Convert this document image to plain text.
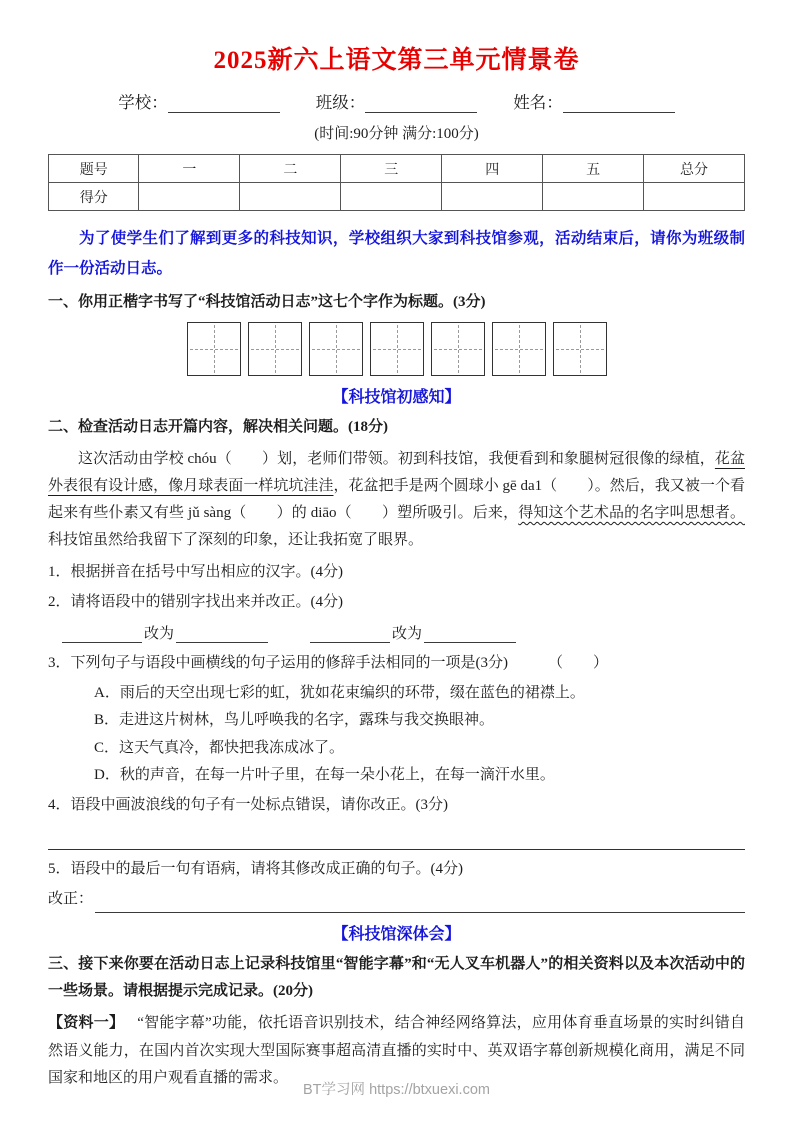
2025新六上语文第三单元情景卷
学校：	班级：	姓名：
(时间:90分钟 满分:100分)
题号	一	二	三	四	五	总分
得分						

为了使学生们了解到更多的科技知识，学校组织大家到科技馆参观，活动结束后，请你为班级制作一份活动日志。

一、你用正楷字书写了“科技馆活动日志”这七个字作为标题。(3分)

【科技馆初感知】

二、检查活动日志开篇内容，解决相关问题。(18分)

这次活动由学校 chóu（　　）划，老师们带领。初到科技馆，我便看到和象腿树冠很像的绿植，花盆外表很有设计感，像月球表面一样坑坑洼洼，花盆把手是两个圆球小 gē da1（　　）。然后，我又被一个看起来有些仆素又有些 jǔ sàng（　　）的 diāo（　　）塑所吸引。后来，得知这个艺术品的名字叫思想者。科技馆虽然给我留下了深刻的印象，还让我拓宽了眼界。

1．根据拼音在括号中写出相应的汉字。(4分)

2．请将语段中的错别字找出来并改正。(4分)

改为	改为

3．下列句子与语段中画横线的句子运用的修辞手法相同的一项是(3分)	（　　）

A．雨后的天空出现七彩的虹，犹如花束编织的环带，缀在蓝色的裙襟上。

B．走进这片树林，鸟儿呼唤我的名字，露珠与我交换眼神。

C．这天气真冷，都快把我冻成冰了。

D．秋的声音，在每一片叶子里，在每一朵小花上，在每一滴汗水里。

4．语段中画波浪线的句子有一处标点错误，请你改正。(3分)

5．语段中的最后一句有语病，请将其修改成正确的句子。(4分)

改正：
【科技馆深体会】

三、接下来你要在活动日志上记录科技馆里“智能字幕”和“无人叉车机器人”的相关资料以及本次活动中的一些场景。请根据提示完成记录。(20分)

【资料一】 “智能字幕”功能，依托语音识别技术，结合神经网络算法，应用体育垂直场景的实时纠错自然语义能力，在国内首次实现大型国际赛事超高清直播的实时中、英双语字幕创新规模化商用，满足不同国家和地区的用户观看直播的需求。

BT学习网 https://btxuexi.com
